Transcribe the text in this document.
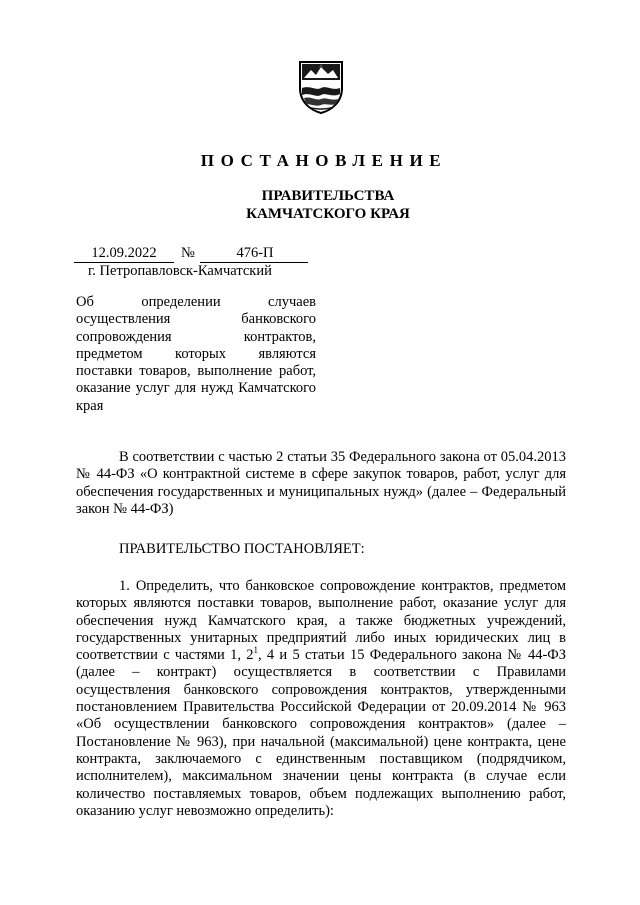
ПОСТАНОВЛЕНИЕ
ПРАВИТЕЛЬСТВА
КАМЧАТСКОГО КРАЯ
12.09.2022	№	476-П
г. Петропавловск-Камчатский
Об определении случаев осуществления банковского сопровождения контрактов, предметом которых являются поставки товаров, выполнение работ, оказание услуг для нужд Камчатского края

В соответствии с частью 2 статьи 35 Федерального закона от 05.04.2013 № 44-ФЗ «О контрактной системе в сфере закупок товаров, работ, услуг для обеспечения государственных и муниципальных нужд» (далее – Федеральный закон № 44-ФЗ)

ПРАВИТЕЛЬСТВО ПОСТАНОВЛЯЕТ:

1. Определить, что банковское сопровождение контрактов, предметом которых являются поставки товаров, выполнение работ, оказание услуг для обеспечения нужд Камчатского края, а также бюджетных учреждений, государственных унитарных предприятий либо иных юридических лиц в соответствии с частями 1, $2^1$, 4 и 5 статьи 15 Федерального закона № 44-ФЗ (далее – контракт) осуществляется в соответствии с Правилами осуществления банковского сопровождения контрактов, утвержденными постановлением Правительства Российской Федерации от 20.09.2014 № 963 «Об осуществлении банковского сопровождения контрактов» (далее – Постановление № 963), при начальной (максимальной) цене контракта, цене контракта, заключаемого с единственным поставщиком (подрядчиком, исполнителем), максимальном значении цены контракта (в случае если количество поставляемых товаров, объем подлежащих выполнению работ, оказанию услуг невозможно определить):
